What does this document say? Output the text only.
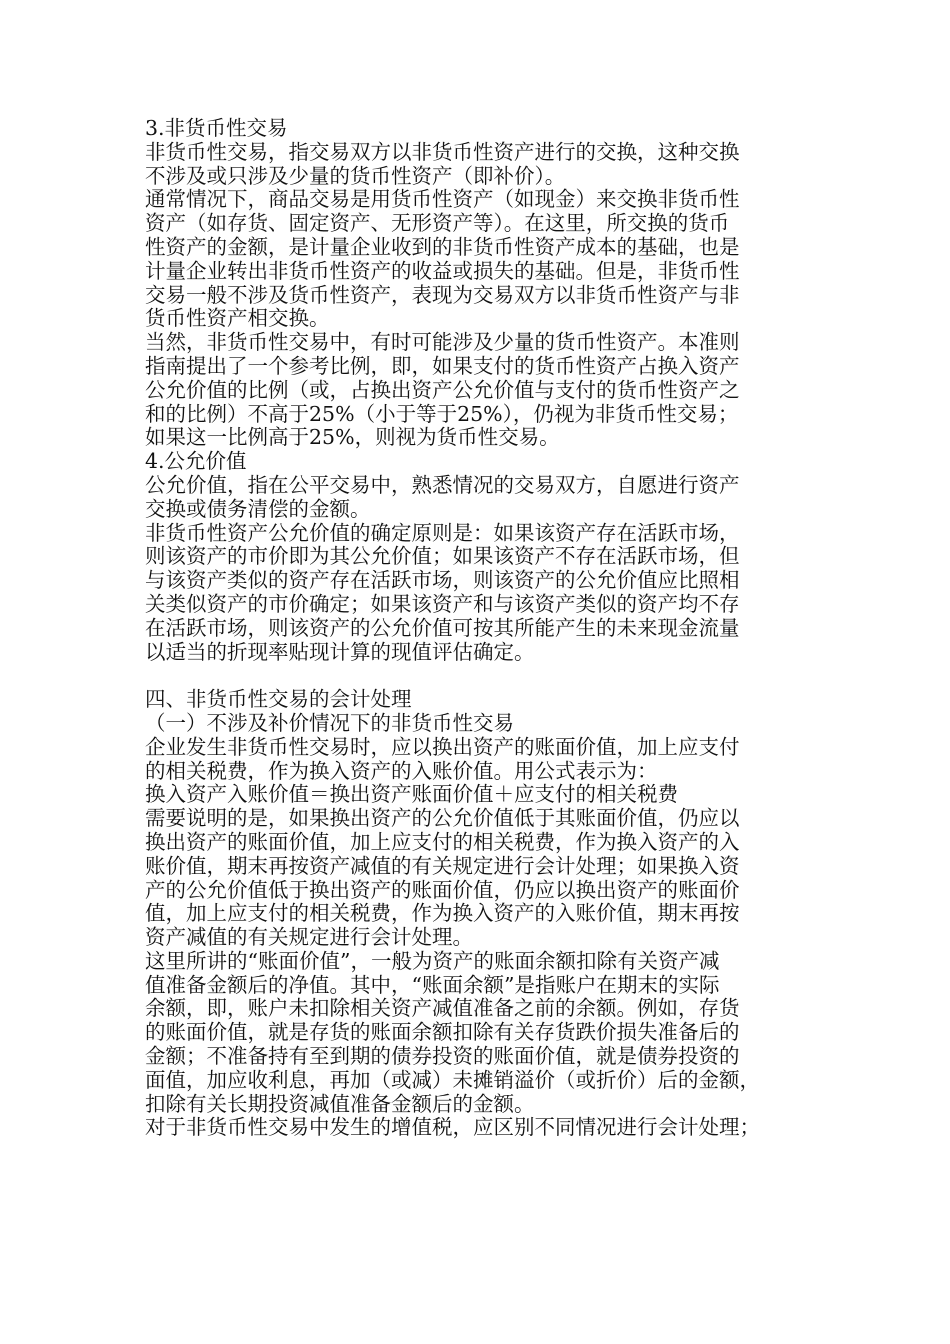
3.非货币性交易
非货币性交易，指交易双方以非货币性资产进行的交换，这种交换
不涉及或只涉及少量的货币性资产（即补价）。
通常情况下，商品交易是用货币性资产（如现金）来交换非货币性
资产（如存货、固定资产、无形资产等）。在这里，所交换的货币
性资产的金额，是计量企业收到的非货币性资产成本的基础，也是
计量企业转出非货币性资产的收益或损失的基础。但是，非货币性
交易一般不涉及货币性资产，表现为交易双方以非货币性资产与非
货币性资产相交换。
当然，非货币性交易中，有时可能涉及少量的货币性资产。本准则
指南提出了一个参考比例，即，如果支付的货币性资产占换入资产
公允价值的比例（或，占换出资产公允价值与支付的货币性资产之
和的比例）不高于25%（小于等于25%），仍视为非货币性交易；
如果这一比例高于25%，则视为货币性交易。
4.公允价值
公允价值，指在公平交易中，熟悉情况的交易双方，自愿进行资产
交换或债务清偿的金额。
非货币性资产公允价值的确定原则是：如果该资产存在活跃市场，
则该资产的市价即为其公允价值；如果该资产不存在活跃市场，但
与该资产类似的资产存在活跃市场，则该资产的公允价值应比照相
关类似资产的市价确定；如果该资产和与该资产类似的资产均不存
在活跃市场，则该资产的公允价值可按其所能产生的未来现金流量
以适当的折现率贴现计算的现值评估确定。
四、非货币性交易的会计处理
（一）不涉及补价情况下的非货币性交易
企业发生非货币性交易时，应以换出资产的账面价值，加上应支付
的相关税费，作为换入资产的入账价值。用公式表示为：
换入资产入账价值＝换出资产账面价值＋应支付的相关税费
需要说明的是，如果换出资产的公允价值低于其账面价值，仍应以
换出资产的账面价值，加上应支付的相关税费，作为换入资产的入
账价值，期末再按资产减值的有关规定进行会计处理；如果换入资
产的公允价值低于换出资产的账面价值，仍应以换出资产的账面价
值，加上应支付的相关税费，作为换入资产的入账价值，期末再按
资产减值的有关规定进行会计处理。
这里所讲的“账面价值”，一般为资产的账面余额扣除有关资产减
值准备金额后的净值。其中，“账面余额”是指账户在期末的实际
余额，即，账户未扣除相关资产减值准备之前的余额。例如，存货
的账面价值，就是存货的账面余额扣除有关存货跌价损失准备后的
金额；不准备持有至到期的债券投资的账面价值，就是债券投资的
面值，加应收利息，再加（或减）未摊销溢价（或折价）后的金额，
扣除有关长期投资减值准备金额后的金额。
对于非货币性交易中发生的增值税，应区别不同情况进行会计处理；
